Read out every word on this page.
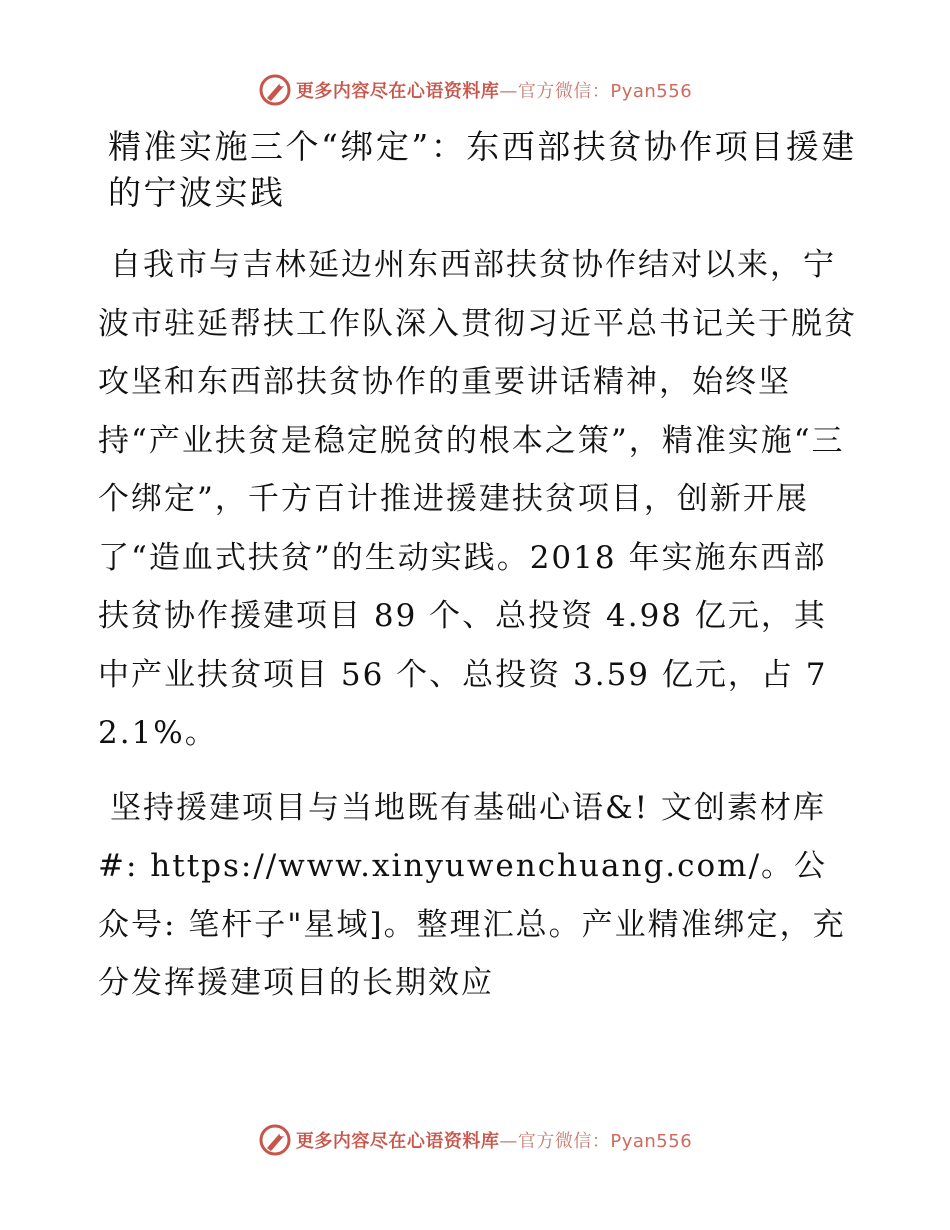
更多内容尽在心语资料库—官方微信：Pyan556
精准实施三个“绑定”：东西部扶贫协作项目援建的宁波实践

自我市与吉林延边州东西部扶贫协作结对以来，宁波市驻延帮扶工作队深入贯彻习近平总书记关于脱贫攻坚和东西部扶贫协作的重要讲话精神，始终坚持“产业扶贫是稳定脱贫的根本之策”，精准实施“三个绑定”，千方百计推进援建扶贫项目，创新开展了“造血式扶贫”的生动实践。2018 年实施东西部扶贫协作援建项目 89 个、总投资 4.98 亿元，其中产业扶贫项目 56 个、总投资 3.59 亿元，占 72.1%。

坚持援建项目与当地既有基础心语&! 文创素材库#: https://www.xinyuwenchuang.com/。公众号: 笔杆子"星域]。整理汇总。产业精准绑定，充分发挥援建项目的长期效应

更多内容尽在心语资料库—官方微信：Pyan556
